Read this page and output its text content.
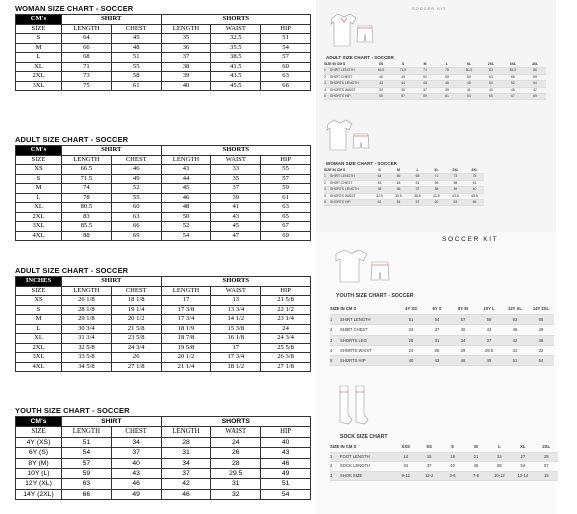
WOMAN SIZE CHART - SOCCER
CM's	SHIRT		SHORTS		
SIZE	LENGTH	CHEST	LENGTH	WAIST	HIP
S	64	45	35	32.5	51
M	66	48	36	35.5	54
L	68	51	37	38.5	57
XL	71	55	38	41.5	60
2XL	73	58	39	43.5	63
3XL	75	61	40	45.5	66
ADULT SIZE CHART - SOCCER
CM's	SHIRT		SHORTS		
SIZE	LENGTH	CHEST	LENGTH	WAIST	HIP
XS	66.5	46	43	33	55
S	71.5	49	44	35	57
M	74	52	45	37	59
L	78	55	46	39	61
XL	80.5	60	48	41	63
2XL	83	63	50	43	65
3XL	85.5	66	52	45	67
4XL	88	69	54	47	69
ADULT SIZE CHART - SOCCER
INCHES	SHIRT		SHORTS		
SIZE	LENGTH	CHEST	LENGTH	WAIST	HIP
XS	26 1/8	18 1/8	17	13	21 5/8
S	28 1/8	19 1/4	17 3/8	13 3/4	22 1/2
M	29 1/8	20 1/2	17 3/4	14 1/2	23 1/4
L	30 3/4	21 5/8	18 1/9	15 3/8	24
XL	31 3/4	23 5/8	18 7/8	16 1/8	24 3/4
2XL	32 5/8	24 3/4	19 5/8	17	25 5/8
3XL	33 5/8	26	20 1/2	17 3/4	26 3/8
4XL	34 5/8	27 1/8	21 1/4	18 1/2	27 1/8
YOUTH SIZE CHART - SOCCER
CM's	SHIRT		SHORTS		
SIZE	LENGTH	CHEST	LENGTH	WAIST	HIP
4Y (XS)	51	34	28	24	40
6Y (S)	54	37	31	26	43
8Y (M)	57	40	34	28	46
10Y (L)	59	43	37	29.5	49
12Y (XL)	63	46	42	31	51
14Y (2XL)	66	49	46	32	54
SOCCER KIT
ADULT SIZE CHART - SOCCER
SIZE IN CM S		XS	S	M	L	XL	2XL	3XL	4XL
1	SHIRT LENGTH	66.5	71.5	74	78	80.5	83	85.5	88
2	SHIRT CHEST	46	49	52	55	60	63	66	69
3	SHORTS LENGTH	43	44	45	46	48	50	52	54
4	SHORTS WAIST	33	35	37	39	41	43	45	47
5	SHORTS HIP	55	57	59	61	63	65	67	69
WOMAN SIZE CHART - SOCCER
SIZE IN CM S		S	M	L	XL	2XL	3XL
1	SHIRT LENGTH	64	66	68	71	73	75
2	SHIRT CHEST	45	48	51	55	58	61
3	SHORTS LENGTH	35	36	37	38	39	40
4	SHORTS WAIST	32.5	35.5	38.5	41.5	43.5	45.5
5	SHORTS HIP	51	54	57	60	63	66
SOCCER KIT
YOUTH SIZE CHART - SOCCER
SIZE IN CM S		4Y XS	6Y S	8Y M	10Y L	12Y XL	14Y 2XL
1	SHIRT LENGTH	51	54	57	59	63	66
2	SHIRT CHEST	34	37	40	43	46	49
3	SHORTS LEG	28	31	34	37	42	46
4	SHORTS WAIST	24	26	28	29.5	31	32
5	SHORTS HIP	40	43	46	49	51	54
SOCK SIZE CHART
SIZE IN CM S		XXS	XS	S	M	L	XL	2XL
1	FOOT LENGTH	14	15	18	21	24	27	28
2	SOCK LENGTH	34	37	40	45	50	54	57
3	SHOE SIZE	9-12	12-2	3-6	7-9	10-12	13-14	15
